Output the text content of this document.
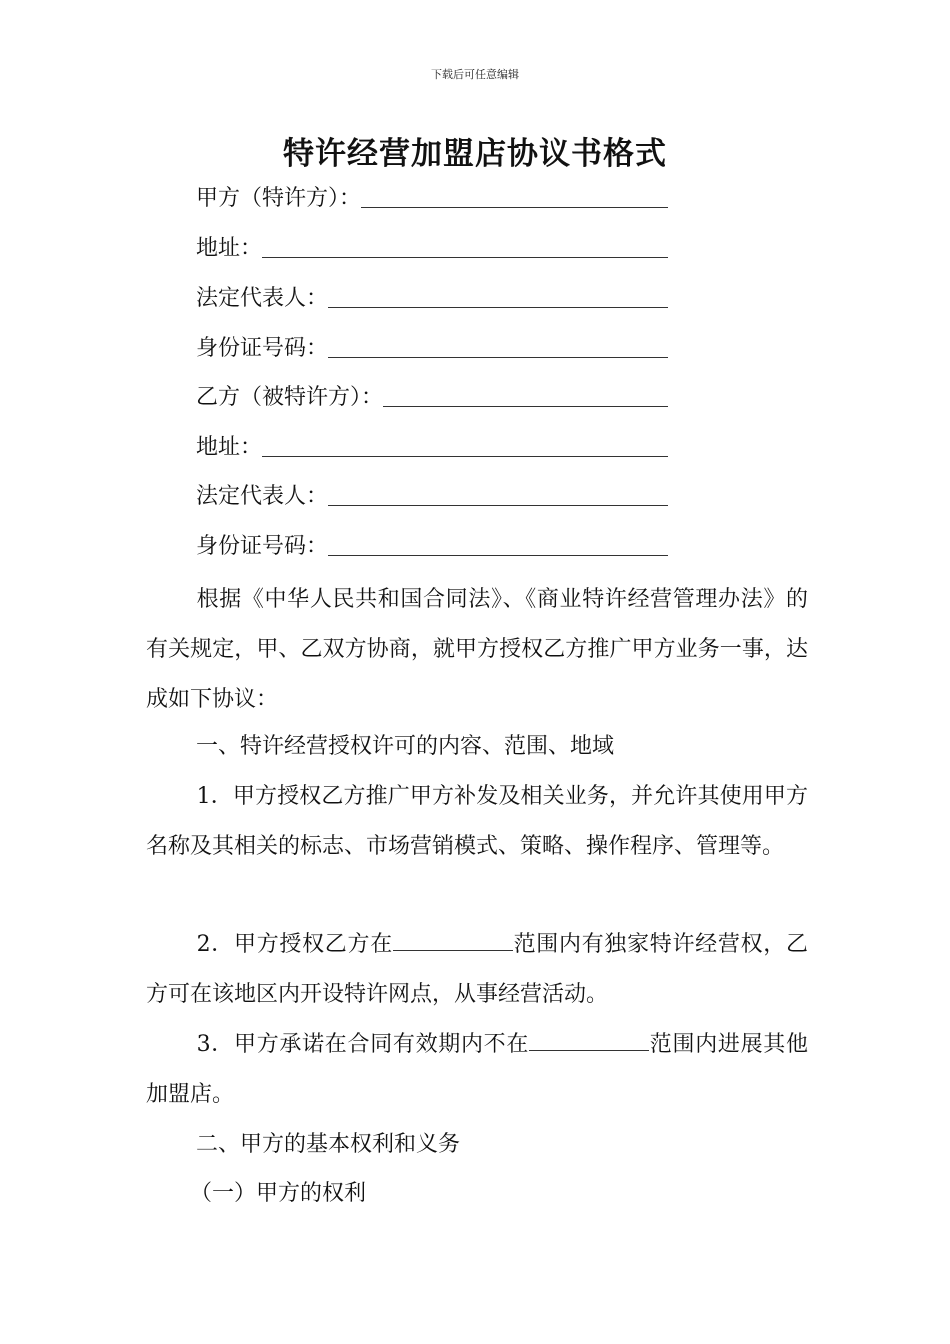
下载后可任意编辑
特许经营加盟店协议书格式
甲方（特许方）：
地址：
法定代表人：
身份证号码：
乙方（被特许方）：
地址：
法定代表人：
身份证号码：

根据《中华人民共和国合同法》、《商业特许经营管理办法》的有关规定，甲、乙双方协商，就甲方授权乙方推广甲方业务一事，达成如下协议：

一、特许经营授权许可的内容、范围、地域

1．甲方授权乙方推广甲方补发及相关业务，并允许其使用甲方名称及其相关的标志、市场营销模式、策略、操作程序、管理等。

2．甲方授权乙方在	范围内有独家特许经营权，乙方可在该地区内开设特许网点，从事经营活动。

3．甲方承诺在合同有效期内不在	范围内进展其他加盟店。

二、甲方的基本权利和义务

（一）甲方的权利
